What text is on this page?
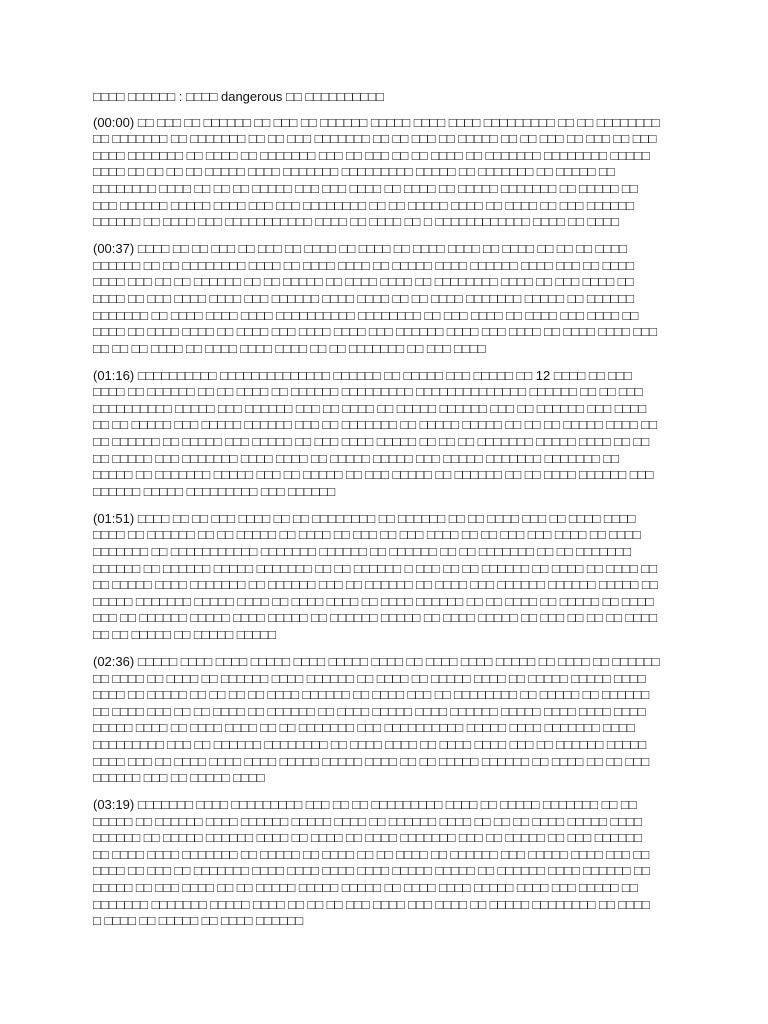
□□□□ □□□□□□ : □□□□ dangerous □□ □□□□□□□□□□

(00:00) □□ □□□ □□ □□□□□□ □□ □□□ □□ □□□□□□ □□□□□ □□□□ □□□□ □□□□□□□□□ □□ □□ □□□□□□□□ □□ □□□□□□□ □□ □□□□□□□ □□ □□ □□□ □□□□□□□ □□ □□ □□□ □□ □□□□□ □□ □□ □□□ □□ □□□ □□ □□□ □□□□ □□□□□□□ □□ □□□□ □□ □□□□□□□ □□□ □□ □□□ □□ □□ □□□□ □□ □□□□□□□ □□□□□□□□ □□□□□ □□□□ □□ □□ □□ □□ □□□□□ □□□□ □□□□□□□ □□□□□□□□□ □□□□□ □□ □□□□□□□ □□ □□□□□ □□ □□□□□□□□ □□□□ □□ □□ □□ □□□□□ □□□ □□□ □□□□ □□ □□□□ □□ □□□□□ □□□□□□□ □□ □□□□□ □□ □□□ □□□□□□ □□□□□ □□□□ □□□ □□□ □□□□□□□□ □□ □□ □□□□□ □□□□ □□ □□□□ □□ □□□ □□□□□□ □□□□□□ □□ □□□□ □□□ □□□□□□□□□□□ □□□□ □□ □□□□ □□ □ □□□□□□□□□□□□ □□□□ □□ □□□□

(00:37) □□□□ □□ □□ □□□ □□ □□□ □□ □□□□ □□ □□□□ □□ □□□□ □□□□ □□ □□□□ □□ □□ □□ □□□□ □□□□□□ □□ □□ □□□□□□□□ □□□□ □□ □□□□ □□□□ □□ □□□□□ □□□□ □□□□□□ □□□□ □□□ □□ □□□□ □□□□ □□□ □□ □□ □□□□□□ □□ □□ □□□□□ □□ □□□□ □□□□ □□ □□□□□□□□ □□□□ □□ □□□ □□□□ □□ □□□□ □□ □□□ □□□□ □□□□ □□□ □□□□□□ □□□□ □□□□ □□ □□ □□□□ □□□□□□□ □□□□□ □□ □□□□□□ □□□□□□□ □□ □□□□ □□□□ □□□□ □□□□□□□□□□ □□□□□□□□ □□ □□□ □□□□ □□ □□□□ □□□ □□□□ □□ □□□□ □□ □□□□ □□□□ □□ □□□□ □□□ □□□□ □□□□ □□□ □□□□□□ □□□□ □□□ □□□□ □□ □□□□ □□□□ □□□ □□ □□ □□ □□□□ □□ □□□□ □□□□ □□□□ □□ □□ □□□□□□□ □□ □□□ □□□□

(01:16) □□□□□□□□□□ □□□□□□□□□□□□□□ □□□□□□ □□ □□□□□ □□□ □□□□□ □□ 12 □□□□ □□ □□□ □□□□ □□ □□□□□□ □□ □□ □□□□ □□ □□□□□□ □□□□□□□□□ □□□□□□□□□□□□□□ □□□□□□ □□ □□ □□□ □□□□□□□□□□ □□□□□ □□□ □□□□□□ □□□ □□ □□□□ □□ □□□□□ □□□□□□ □□□ □□ □□□□□□ □□□ □□□□ □□ □□ □□□□□ □□□ □□□□□ □□□□□□ □□□ □□ □□□□□□□ □□ □□□□□ □□□□□ □□ □□ □□ □□□□□ □□□□ □□ □□ □□□□□□ □□ □□□□□ □□□ □□□□□ □□ □□□ □□□□ □□□□□ □□ □□ □□ □□□□□□□ □□□□□ □□□□ □□ □□ □□ □□□□□ □□□ □□□□□□□ □□□□ □□□□ □□ □□□□□ □□□□□ □□□ □□□□□ □□□□□□□ □□□□□□□ □□ □□□□□ □□ □□□□□□□ □□□□□ □□□ □□ □□□□□ □□ □□□ □□□□□ □□ □□□□□□ □□ □□ □□□□ □□□□□□ □□□ □□□□□□ □□□□□ □□□□□□□□□ □□□ □□□□□□

(01:51) □□□□ □□ □□ □□□ □□□□ □□ □□ □□□□□□□□ □□ □□□□□□ □□ □□ □□□□ □□□ □□ □□□□ □□□□ □□□□ □□ □□□□□□ □□ □□ □□□□□ □□ □□□□ □□ □□□ □□ □□□ □□□□ □□ □□ □□□ □□□ □□□□ □□ □□□□ □□□□□□□ □□ □□□□□□□□□□□ □□□□□□□ □□□□□□ □□ □□□□□□ □□ □□ □□□□□□□ □□ □□ □□□□□□□ □□□□□□ □□ □□□□□□ □□□□□ □□□□□□□ □□ □□ □□□□□□ □ □□□ □□ □□ □□□□□□ □□ □□□□ □□ □□□□ □□ □□ □□□□□ □□□□ □□□□□□□ □□ □□□□□□ □□□ □□ □□□□□□ □□ □□□□ □□□ □□□□□□ □□□□□□ □□□□□ □□ □□□□□ □□□□□□□ □□□□□ □□□□ □□ □□□□ □□□□ □□ □□□□ □□□□□□ □□ □□ □□□□ □□ □□□□□ □□ □□□□ □□□ □□ □□□□□□ □□□□□ □□□□ □□□□□ □□ □□□□□□ □□□□□ □□ □□□□ □□□□□ □□ □□□ □□ □□ □□ □□□□ □□ □□ □□□□□ □□ □□□□□ □□□□□

(02:36) □□□□□ □□□□ □□□□ □□□□□ □□□□ □□□□□ □□□□ □□ □□□□ □□□□ □□□□□ □□ □□□□ □□ □□□□□□ □□ □□□□ □□ □□□□ □□ □□□□□□ □□□□ □□□□□□ □□ □□□□ □□ □□□□□ □□□□ □□ □□□□□ □□□□□ □□□□ □□□□ □□ □□□□□ □□ □□ □□ □□ □□□□ □□□□□□ □□ □□□□ □□□ □□ □□□□□□□□ □□ □□□□□ □□ □□□□□□ □□ □□□□ □□□ □□ □□ □□□□ □□ □□□□□□ □□ □□□□ □□□□□ □□□□ □□□□□□ □□□□□ □□□□ □□□□ □□□□ □□□□□ □□□□ □□ □□□□ □□□□ □□ □□ □□□□□□□ □□□ □□□□□□□□□□ □□□□□ □□□□ □□□□□□□ □□□□ □□□□□□□□□ □□□ □□ □□□□□□ □□□□□□□□ □□ □□□□ □□□□ □□ □□□□ □□□□ □□□ □□ □□□□□□ □□□□□ □□□□ □□□ □□ □□□□ □□□□ □□□□ □□□□□ □□□□□ □□□□ □□ □□ □□□□□ □□□□□□ □□ □□□□ □□ □□ □□□ □□□□□□ □□□ □□ □□□□□ □□□□

(03:19) □□□□□□□ □□□□ □□□□□□□□□ □□□ □□ □□ □□□□□□□□□ □□□□ □□ □□□□□ □□□□□□□ □□ □□ □□□□□ □□ □□□□□□ □□□□ □□□□□□ □□□□□ □□□□ □□ □□□□□□ □□□□ □□ □□ □□ □□□□ □□□□□ □□□□ □□□□□□ □□ □□□□□ □□□□□□ □□□□ □□ □□□□ □□ □□□□ □□□□□□□ □□□ □□ □□□□□ □□ □□□ □□□□□□ □□ □□□□ □□□□ □□□□□□□ □□ □□□□□ □□ □□□□ □□ □□ □□□□ □□ □□□□□□ □□□ □□□□□ □□□□ □□□ □□ □□□□ □□ □□□ □□ □□□□□□□ □□□□ □□□□ □□□□ □□□□ □□□□□ □□□□□ □□ □□□□□□ □□□□ □□□□□□ □□ □□□□□ □□ □□□ □□□□ □□ □□ □□□□□ □□□□□ □□□□□ □□ □□□□ □□□□ □□□□□ □□□□ □□□ □□□□□ □□ □□□□□□□ □□□□□□□ □□□□□ □□□□ □□ □□ □□ □□□ □□□□ □□□ □□□□ □□ □□□□□ □□□□□□□□ □□ □□□□ □ □□□□ □□ □□□□□ □□ □□□□ □□□□□□
